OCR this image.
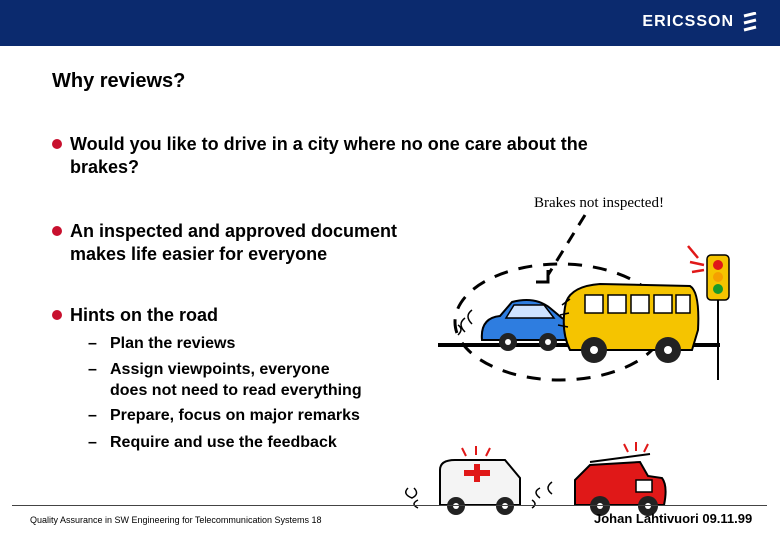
ERICSSON
Why reviews?
Would you like to drive in a city where no one care about the
brakes?
An inspected and approved document
makes life easier for everyone
Hints on the road
– Plan the reviews
– Assign viewpoints, everyone
does not need to read everything
– Prepare, focus on major remarks
– Require and use the feedback
Brakes not inspected!
Quality Assurance in SW Engineering for Telecommunication Systems 18	Johan Lahtivuori 09.11.99
